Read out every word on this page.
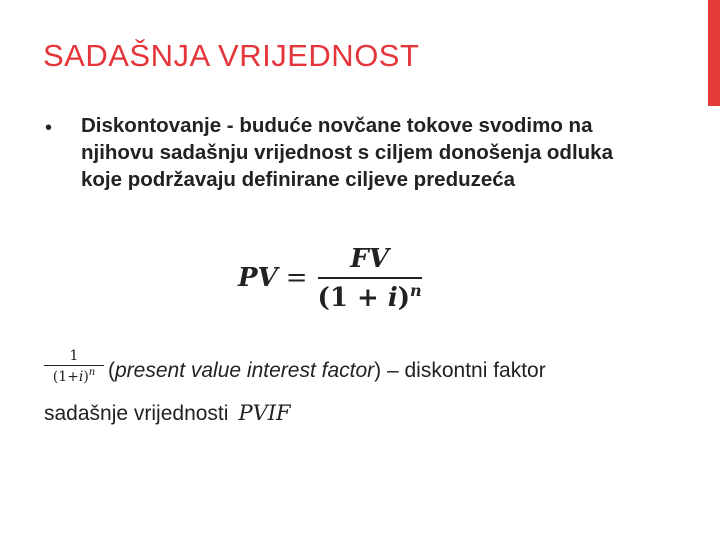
SADAŠNJA VRIJEDNOST
• Diskontovanje - buduće novčane tokove svodimo na
njihovu sadašnju vrijednost s ciljem donošenja odluka
koje podržavaju definirane ciljeve preduzeća
PV = $\frac{FV}{(1 + i)^n}$
1
$(1+i)^n$ (present value interest factor) – diskontni faktor
sadašnje vrijednosti PVIF
